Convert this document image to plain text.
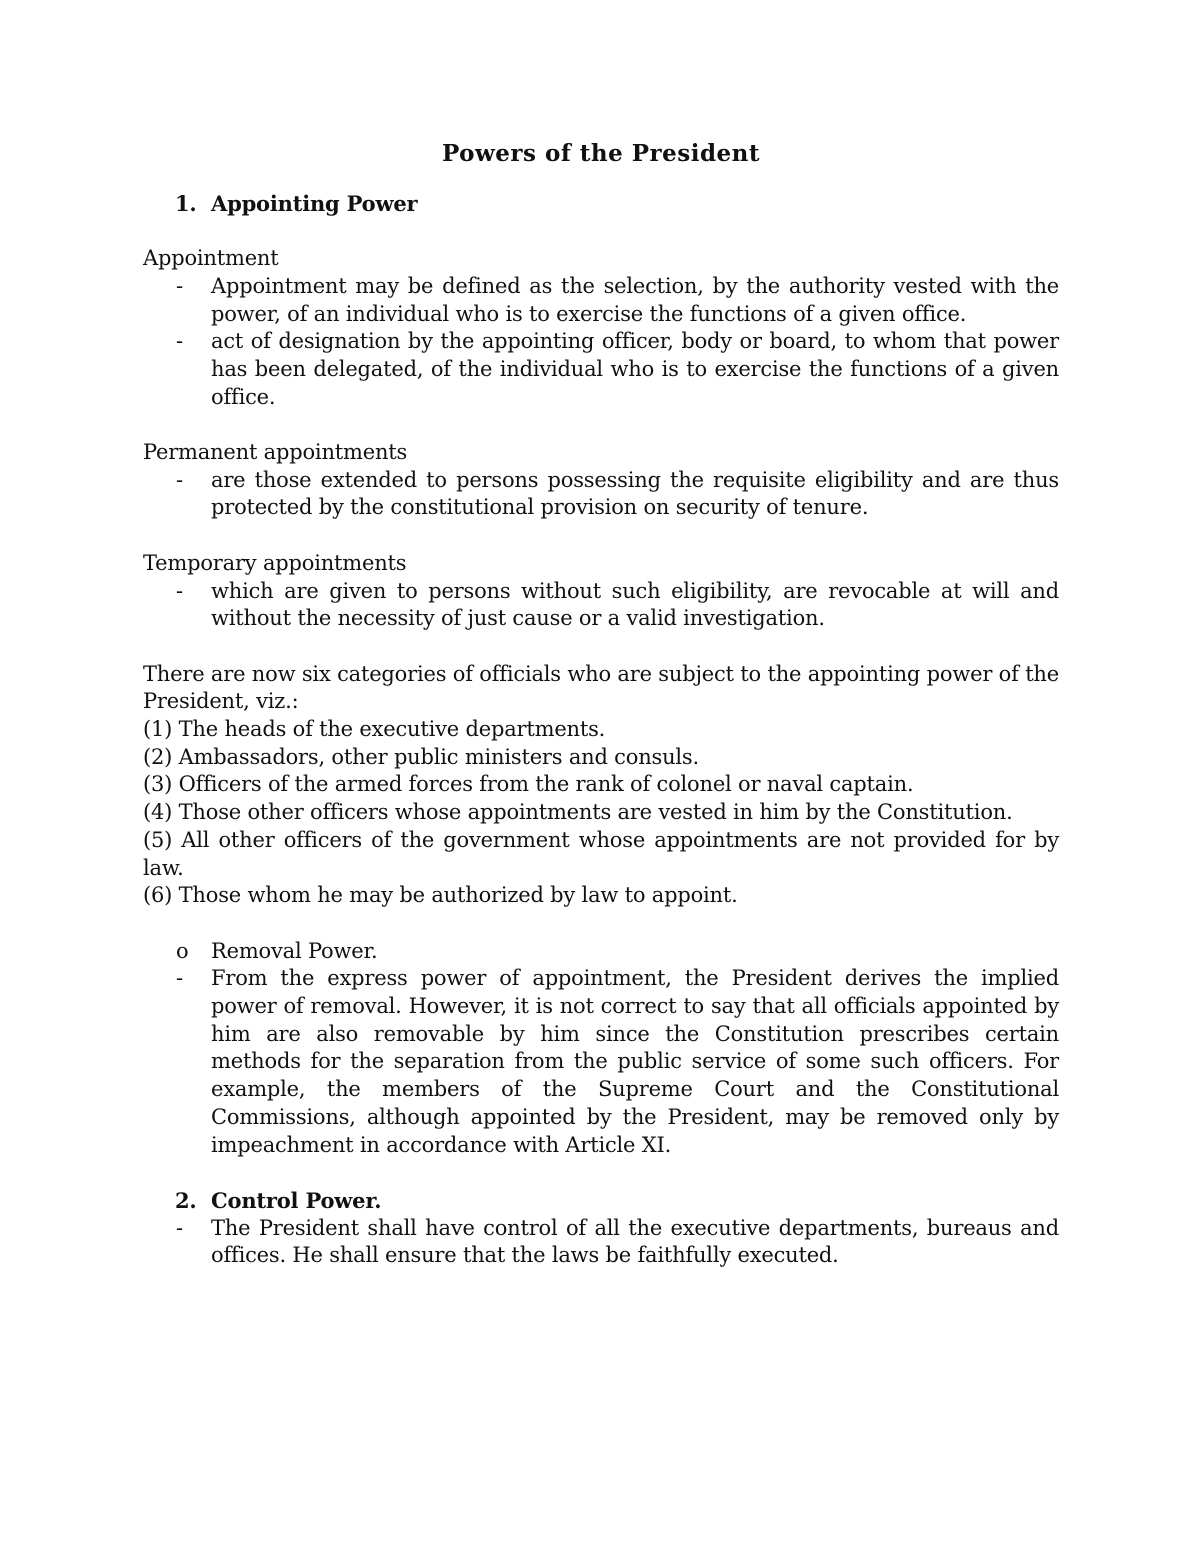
Powers of the President
1. Appointing Power

Appointment

- Appointment may be defined as the selection, by the authority vested with the power, of an individual who is to exercise the functions of a given office.

- act of designation by the appointing officer, body or board, to whom that power has been delegated, of the individual who is to exercise the functions of a given office.

Permanent appointments

- are those extended to persons possessing the requisite eligibility and are thus protected by the constitutional provision on security of tenure.

Temporary appointments

- which are given to persons without such eligibility, are revocable at will and without the necessity of just cause or a valid investigation.

There are now six categories of officials who are subject to the appointing power of the President, viz.:

(1) The heads of the executive departments.

(2) Ambassadors, other public ministers and consuls.

(3) Officers of the armed forces from the rank of colonel or naval captain.

(4) Those other officers whose appointments are vested in him by the Constitution.

(5) All other officers of the government whose appointments are not provided for by law.

(6) Those whom he may be authorized by law to appoint.

o Removal Power.

- From the express power of appointment, the President derives the implied power of removal. However, it is not correct to say that all officials appointed by him are also removable by him since the Constitution prescribes certain methods for the separation from the public service of some such officers. For example, the members of the Supreme Court and the Constitutional Commissions, although appointed by the President, may be removed only by impeachment in accordance with Article XI.

2. Control Power.

- The President shall have control of all the executive departments, bureaus and offices. He shall ensure that the laws be faithfully executed.
